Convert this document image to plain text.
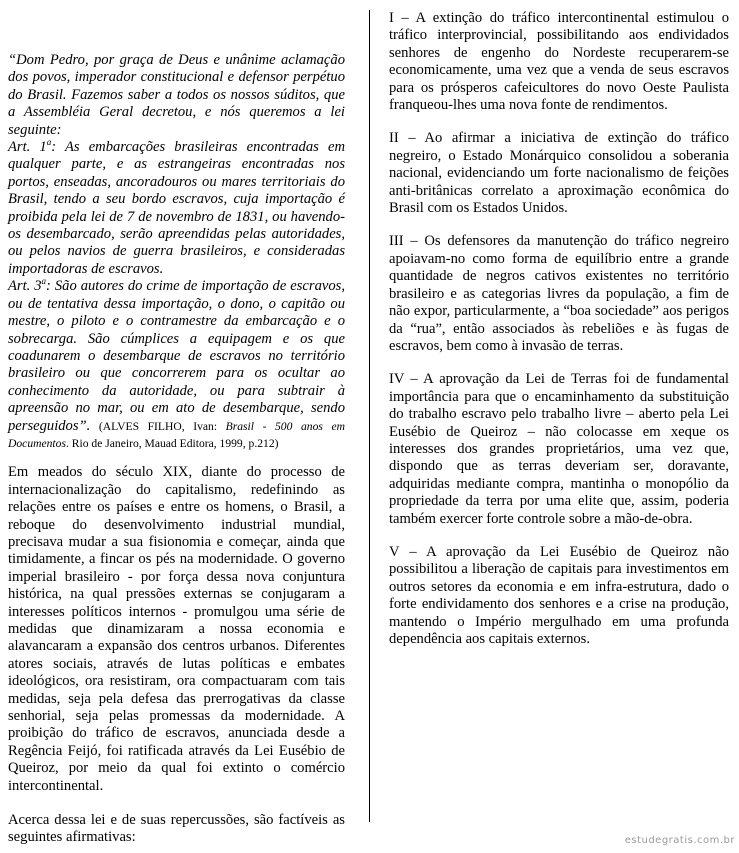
“Dom Pedro, por graça de Deus e unânime aclamação dos povos, imperador constitucional e defensor perpétuo do Brasil. Fazemos saber a todos os nossos súditos, que a Assembléia Geral decretou, e nós queremos a lei seguinte:

Art. 1$^a$: As embarcações brasileiras encontradas em qualquer parte, e as estrangeiras encontradas nos portos, enseadas, ancoradouros ou mares territoriais do Brasil, tendo a seu bordo escravos, cuja importação é proibida pela lei de 7 de novembro de 1831, ou havendo-os desembarcado, serão apreendidas pelas autoridades, ou pelos navios de guerra brasileiros, e consideradas importadoras de escravos.

Art. 3$^a$: São autores do crime de importação de escravos, ou de tentativa dessa importação, o dono, o capitão ou mestre, o piloto e o contramestre da embarcação e o sobrecarga. São cúmplices a equipagem e os que coadunarem o desembarque de escravos no território brasileiro ou que concorrerem para os ocultar ao conhecimento da autoridade, ou para subtrair à apreensão no mar, ou em ato de desembarque, sendo perseguidos”. (ALVES FILHO, Ivan: Brasil - 500 anos em Documentos. Rio de Janeiro, Mauad Editora, 1999, p.212)

Em meados do século XIX, diante do processo de internacionalização do capitalismo, redefinindo as relações entre os países e entre os homens, o Brasil, a reboque do desenvolvimento industrial mundial, precisava mudar a sua fisionomia e começar, ainda que timidamente, a fincar os pés na modernidade. O governo imperial brasileiro - por força dessa nova conjuntura histórica, na qual pressões externas se conjugaram a interesses políticos internos - promulgou uma série de medidas que dinamizaram a nossa economia e alavancaram a expansão dos centros urbanos. Diferentes atores sociais, através de lutas políticas e embates ideológicos, ora resistiram, ora compactuaram com tais medidas, seja pela defesa das prerrogativas da classe senhorial, seja pelas promessas da modernidade. A proibição do tráfico de escravos, anunciada desde a Regência Feijó, foi ratificada através da Lei Eusébio de Queiroz, por meio da qual foi extinto o comércio intercontinental.

Acerca dessa lei e de suas repercussões, são factíveis as seguintes afirmativas:

I – A extinção do tráfico intercontinental estimulou o tráfico interprovincial, possibilitando aos endividados senhores de engenho do Nordeste recuperarem-se economicamente, uma vez que a venda de seus escravos para os prósperos cafeicultores do novo Oeste Paulista franqueou-lhes uma nova fonte de rendimentos.

II – Ao afirmar a iniciativa de extinção do tráfico negreiro, o Estado Monárquico consolidou a soberania nacional, evidenciando um forte nacionalismo de feições anti-britânicas correlato a aproximação econômica do Brasil com os Estados Unidos.

III – Os defensores da manutenção do tráfico negreiro apoiavam-no como forma de equilíbrio entre a grande quantidade de negros cativos existentes no território brasileiro e as categorias livres da população, a fim de não expor, particularmente, a “boa sociedade” aos perigos da “rua”, então associados às rebeliões e às fugas de escravos, bem como à invasão de terras.

IV – A aprovação da Lei de Terras foi de fundamental importância para que o encaminhamento da substituição do trabalho escravo pelo trabalho livre – aberto pela Lei Eusébio de Queiroz – não colocasse em xeque os interesses dos grandes proprietários, uma vez que, dispondo que as terras deveriam ser, doravante, adquiridas mediante compra, mantinha o monopólio da propriedade da terra por uma elite que, assim, poderia também exercer forte controle sobre a mão-de-obra.

V – A aprovação da Lei Eusébio de Queiroz não possibilitou a liberação de capitais para investimentos em outros setores da economia e em infra-estrutura, dado o forte endividamento dos senhores e a crise na produção, mantendo o Império mergulhado em uma profunda dependência aos capitais externos.

estudegratis.com.br
